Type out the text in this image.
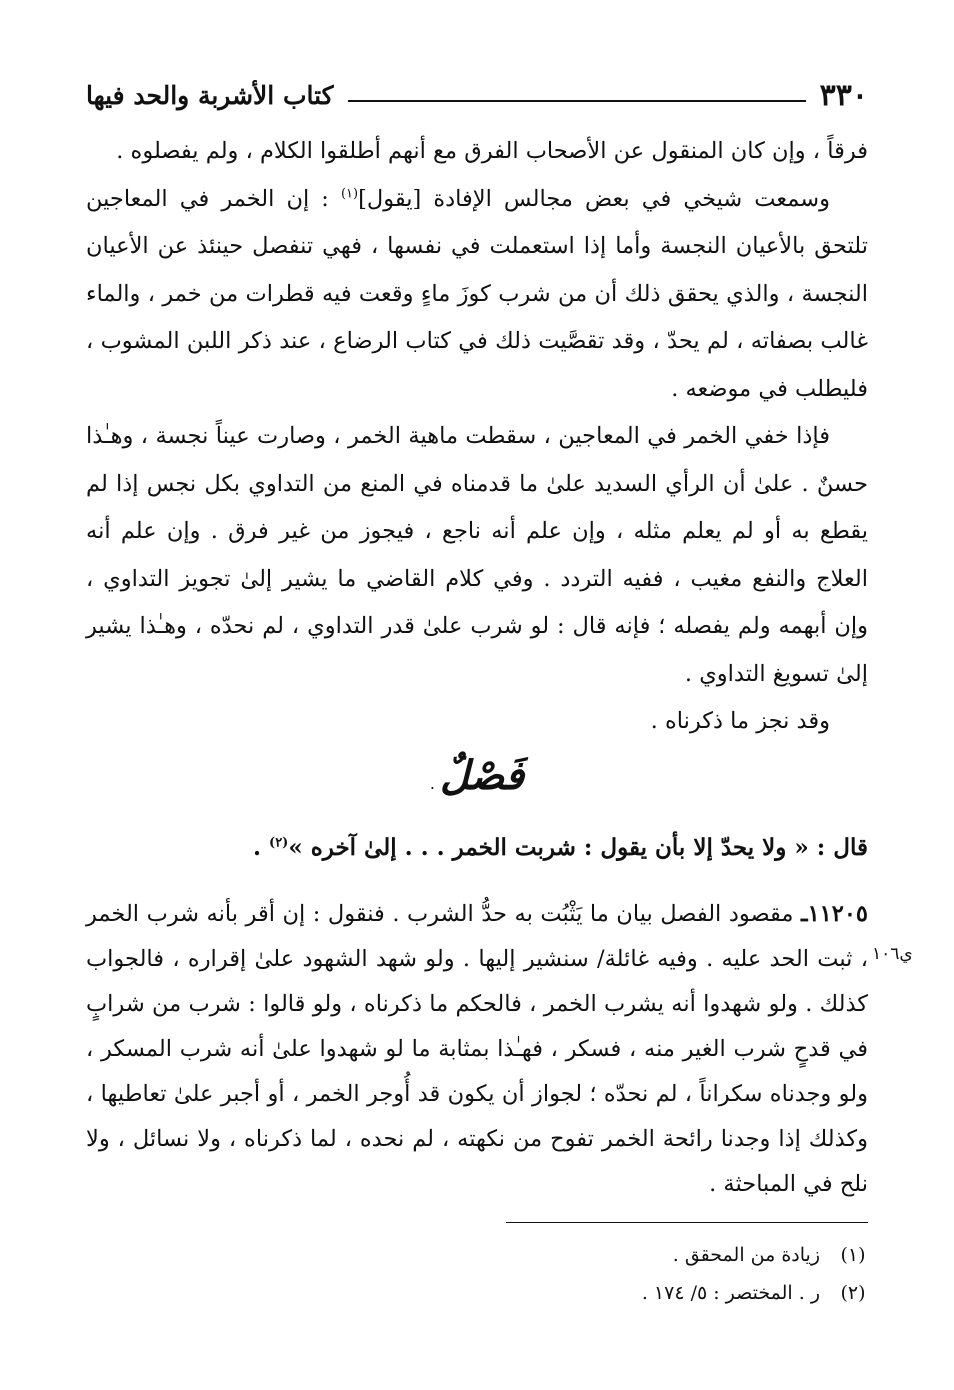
٣٣٠
كتاب الأشربة والحد فيها

فرقاً ، وإن كان المنقول عن الأصحاب الفرق مع أنهم أطلقوا الكلام ، ولم يفصلوه .

وسمعت شيخي في بعض مجالس الإفادة [يقول]$^{(١)}$ : إن الخمر في المعاجين تلتحق بالأعيان النجسة وأما إذا استعملت في نفسها ، فهي تنفصل حينئذ عن الأعيان النجسة ، والذي يحقق ذلك أن من شرب كوزَ ماءٍ وقعت فيه قطرات من خمر ، والماء غالب بصفاته ، لم يحدّ ، وقد تقصَّيت ذلك في كتاب الرضاع ، عند ذكر اللبن المشوب ، فليطلب في موضعه .

فإذا خفي الخمر في المعاجين ، سقطت ماهية الخمر ، وصارت عيناً نجسة ، وهـٰذا حسنٌ . علىٰ أن الرأي السديد علىٰ ما قدمناه في المنع من التداوي بكل نجس إذا لم يقطع به أو لم يعلم مثله ، وإن علم أنه ناجع ، فيجوز من غير فرق . وإن علم أنه العلاج والنفع مغيب ، ففيه التردد . وفي كلام القاضي ما يشير إلىٰ تجويز التداوي ، وإن أبهمه ولم يفصله ؛ فإنه قال : لو شرب علىٰ قدر التداوي ، لم نحدّه ، وهـٰذا يشير إلىٰ تسويغ التداوي .

وقد نجز ما ذكرناه .

فَصْلٌ .
قال : « ولا يحدّ إلا بأن يقول : شربت الخمر . . . إلىٰ آخره »$^{(٢)}$ .

١١٢٠٥ـ مقصود الفصل بيان ما يَثْبُت به حدُّ الشرب . فنقول : إن أقر بأنه شرب الخمر ، ثبت الحد عليه . وفيه غائلة/ سنشير إليها . ولو شهد الشهود علىٰ إقراره ، فالجواب كذلك . ولو شهدوا أنه يشرب الخمر ، فالحكم ما ذكرناه ، ولو قالوا : شرب من شرابٍ في قدحٍ شرب الغير منه ، فسكر ، فهـٰذا بمثابة ما لو شهدوا علىٰ أنه شرب المسكر ، ولو وجدناه سكراناً ، لم نحدّه ؛ لجواز أن يكون قد أُوجر الخمر ، أو أجبر علىٰ تعاطيها ، وكذلك إذا وجدنا رائحة الخمر تفوح من نكهته ، لم نحده ، لما ذكرناه ، ولا نسائل ، ولا نلح في المباحثة .

ي١٠٦
(١)
زيادة من المحقق .
(٢)
ر . المختصر : ٥/ ١٧٤ .
